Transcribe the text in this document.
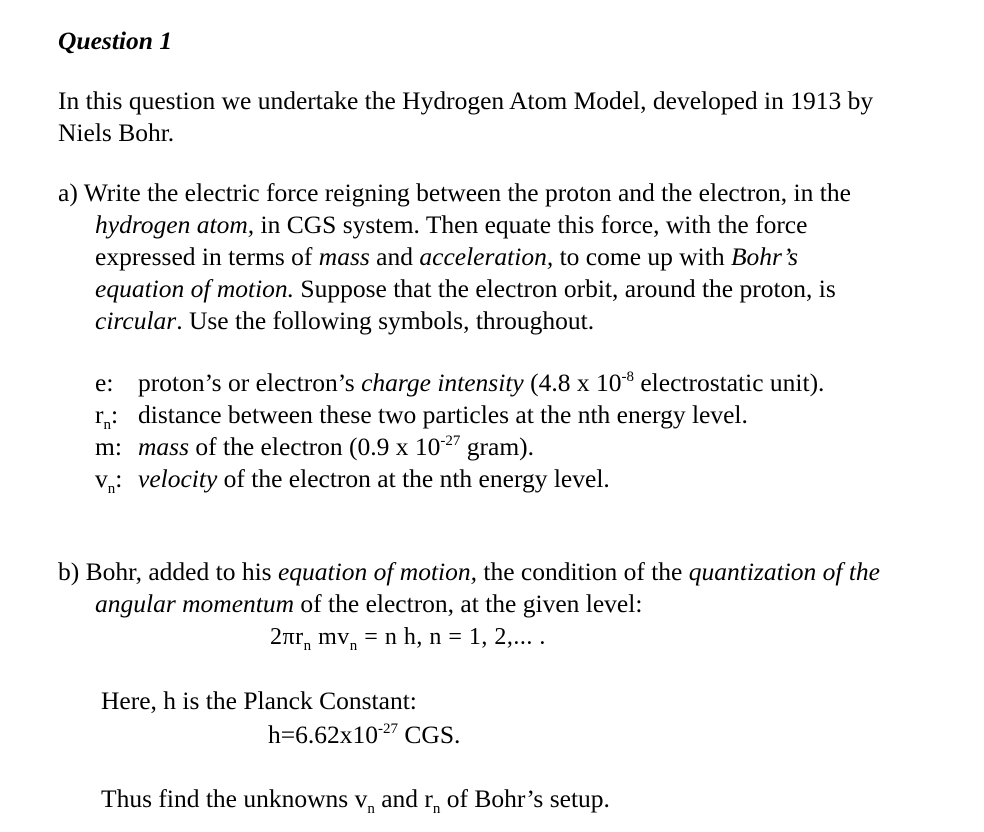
Question 1
In this question we undertake the Hydrogen Atom Model, developed in 1913 by
Niels Bohr.
a) Write the electric force reigning between the proton and the electron, in the
hydrogen atom, in CGS system. Then equate this force, with the force
expressed in terms of mass and acceleration, to come up with Bohr’s
equation of motion. Suppose that the electron orbit, around the proton, is
circular. Use the following symbols, throughout.
e: proton’s or electron’s charge intensity (4.8 x $10^{-8}$ electrostatic unit).
$r_n$: distance between these two particles at the nth energy level.
m: mass of the electron (0.9 x $10^{-27}$ gram).
$v_n$: velocity of the electron at the nth energy level.
b) Bohr, added to his equation of motion, the condition of the quantization of the
angular momentum of the electron, at the given level:
$2\pi r_n$ $mv_n = n$ h, n = 1, 2,... .
Here, h is the Planck Constant:
$h=6.62x10^{-27}$ CGS.
Thus find the unknowns $v_n$ and $r_n$ of Bohr’s setup.
